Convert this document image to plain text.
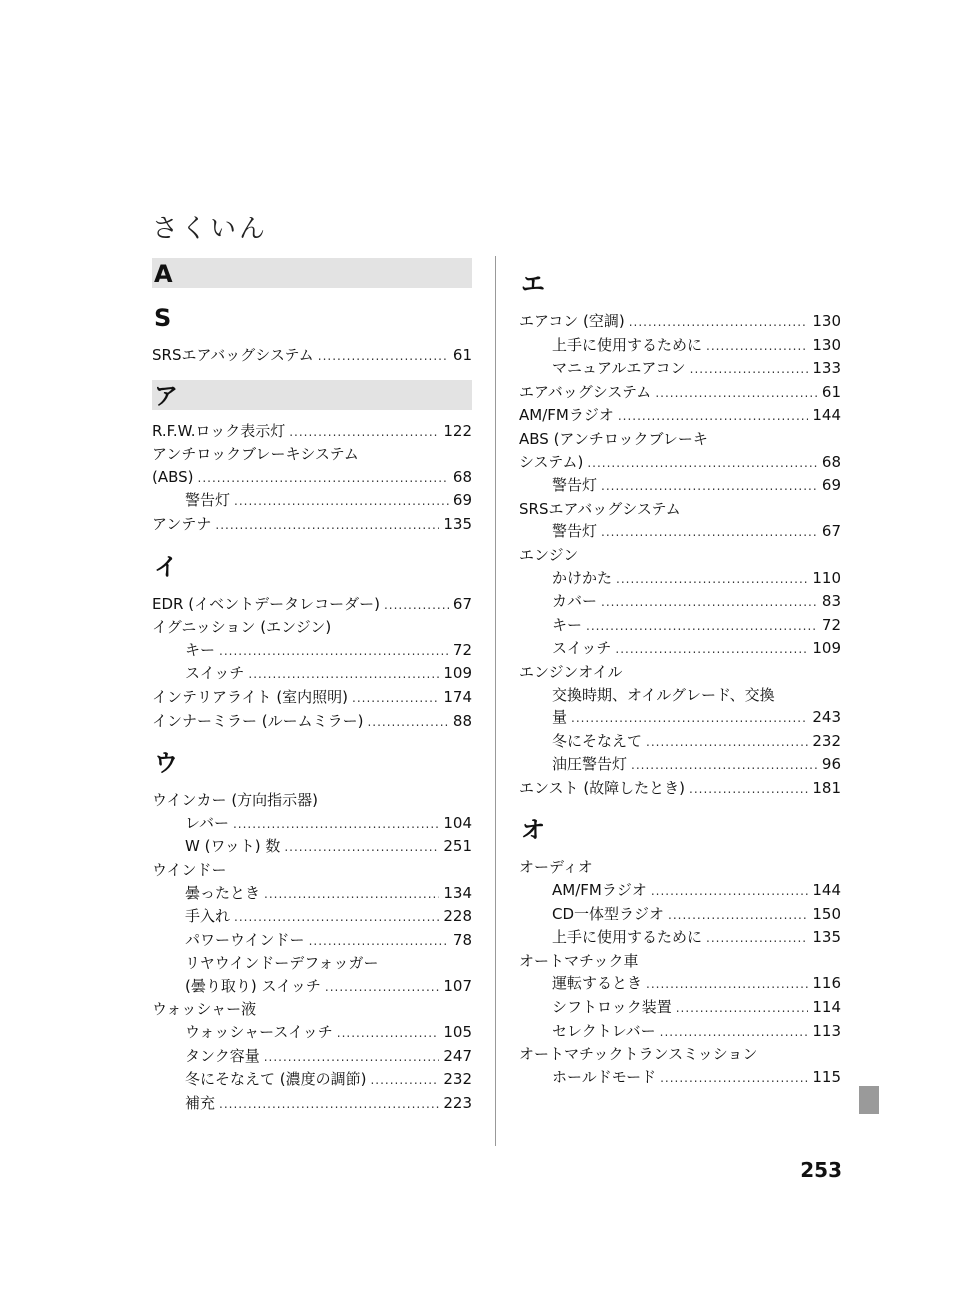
さくいん
A
S
SRSエアバッグシステム .....	61
ア
R.F.W.ロック表示灯 .....	122
アンチロックブレーキシステム
(ABS) .....	68
警告灯 .....	69
アンテナ .....	135
イ
EDR (イベントデータレコーダー) .....	67
イグニッション (エンジン)
キー .....	72
スイッチ .....	109
インテリアライト (室内照明) .....	174
インナーミラー (ルームミラー) .....	88
ウ
ウインカー (方向指示器)
レバー .....	104
W (ワット) 数 .....	251
ウインドー
曇ったとき .....	134
手入れ .....	228
パワーウインドー .....	78
リヤウインドーデフォッガー
(曇り取り) スイッチ .....	107
ウォッシャー液
ウォッシャースイッチ .....	105
タンク容量 .....	247
冬にそなえて (濃度の調節) .....	232
補充 .....	223
エ
エアコン (空調) .....	130
上手に使用するために .....	130
マニュアルエアコン .....	133
エアバッグシステム .....	61
AM/FMラジオ .....	144
ABS (アンチロックブレーキ
システム) .....	68
警告灯 .....	69
SRSエアバッグシステム
警告灯 .....	67
エンジン
かけかた .....	110
カバー .....	83
キー .....	72
スイッチ .....	109
エンジンオイル
交換時期、オイルグレード、交換
量 .....	243
冬にそなえて .....	232
油圧警告灯 .....	96
エンスト (故障したとき) .....	181
オ
オーディオ
AM/FMラジオ .....	144
CD一体型ラジオ .....	150
上手に使用するために .....	135
オートマチック車
運転するとき .....	116
シフトロック装置 .....	114
セレクトレバー .....	113
オートマチックトランスミッション
ホールドモード .....	115
253
